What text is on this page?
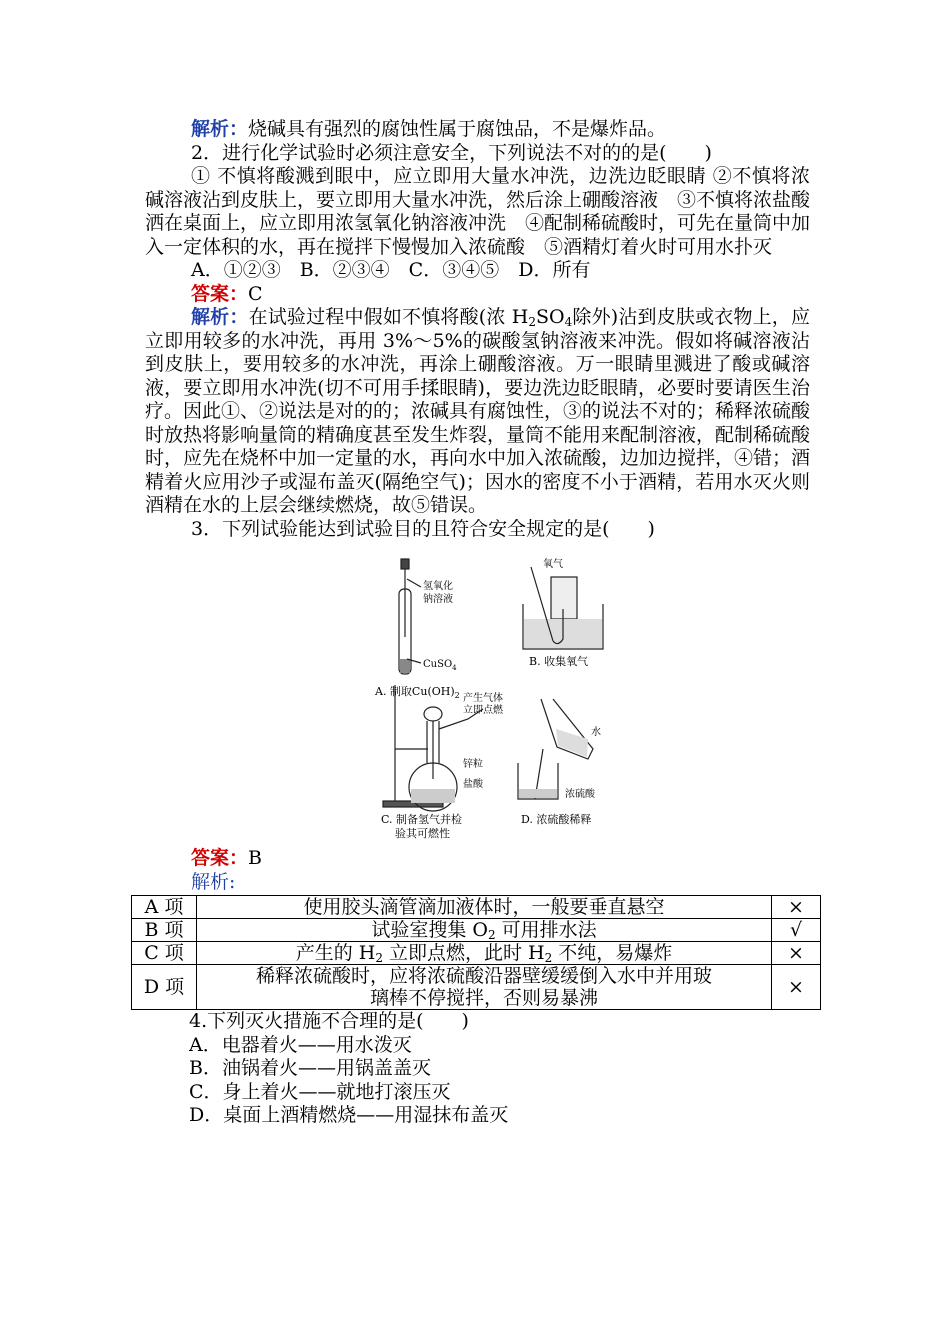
解析：烧碱具有强烈的腐蚀性属于腐蚀品，不是爆炸品。

2．进行化学试验时必须注意安全，下列说法不对的的是(　　)

① 不慎将酸溅到眼中，应立即用大量水冲洗，边洗边眨眼睛 ②不慎将浓碱溶液沾到皮肤上，要立即用大量水冲洗，然后涂上硼酸溶液　③不慎将浓盐酸洒在桌面上，应立即用浓氢氧化钠溶液冲洗　④配制稀硫酸时，可先在量筒中加入一定体积的水，再在搅拌下慢慢加入浓硫酸　⑤酒精灯着火时可用水扑灭

A．①②③　B．②③④　C．③④⑤　D．所有

答案：C

解析：在试验过程中假如不慎将酸(浓 $H_2SO_4$除外)沾到皮肤或衣物上，应立即用较多的水冲洗，再用 3%～5%的碳酸氢钠溶液来冲洗。假如将碱溶液沾到皮肤上，要用较多的水冲洗，再涂上硼酸溶液。万一眼睛里溅进了酸或碱溶液，要立即用水冲洗(切不可用手揉眼睛)，要边洗边眨眼睛，必要时要请医生治疗。因此①、②说法是对的的；浓碱具有腐蚀性，③的说法不对的；稀释浓硫酸时放热将影响量筒的精确度甚至发生炸裂，量筒不能用来配制溶液，配制稀硫酸时，应先在烧杯中加一定量的水，再向水中加入浓硫酸，边加边搅拌，④错；酒精着火应用沙子或湿布盖灭(隔绝空气)；因水的密度不小于酒精，若用水灭火则酒精在水的上层会继续燃烧，故⑤错误。

3．下列试验能达到试验目的且符合安全规定的是(　　)

氢氧化
钠溶液
CuSO$_4$
A. 制取$Cu(OH)_2$
氧气
B. 收集氧气
产生气体
立即点燃
锌粒
盐酸
C. 制备氢气并检
验其可燃性
水
浓硫酸
D. 浓硫酸稀释

答案：B

解析:

A 项	使用胶头滴管滴加液体时，一般要垂直悬空	×
B 项	试验室搜集 $O_2$ 可用排水法	√
C 项	产生的 $H_2$ 立即点燃，此时 $H_2$ 不纯，易爆炸	×
D 项	稀释浓硫酸时，应将浓硫酸沿器壁缓缓倒入水中并用玻
璃棒不停搅拌，否则易暴沸	×
4.下列灭火措施不合理的是(　　)
A．电器着火——用水泼灭
B．油锅着火——用锅盖盖灭
C．身上着火——就地打滚压灭
D．桌面上酒精燃烧——用湿抹布盖灭
